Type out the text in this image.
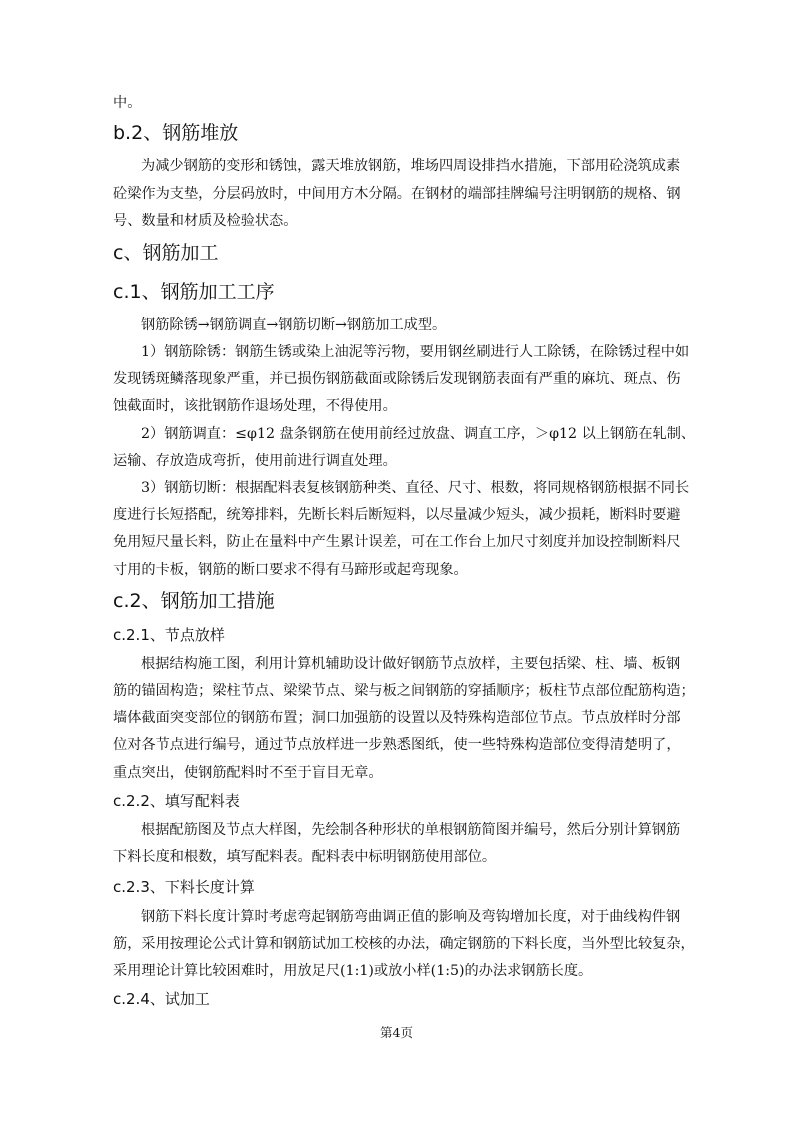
中。

b.2、钢筋堆放

为减少钢筋的变形和锈蚀，露天堆放钢筋，堆场四周设排挡水措施，下部用砼浇筑成素

砼梁作为支垫，分层码放时，中间用方木分隔。在钢材的端部挂牌编号注明钢筋的规格、钢

号、数量和材质及检验状态。

c、钢筋加工
c.1、钢筋加工工序

钢筋除锈→钢筋调直→钢筋切断→钢筋加工成型。

1）钢筋除锈：钢筋生锈或染上油泥等污物，要用钢丝刷进行人工除锈，在除锈过程中如

发现锈斑鳞落现象严重，并已损伤钢筋截面或除锈后发现钢筋表面有严重的麻坑、斑点、伤

蚀截面时，该批钢筋作退场处理，不得使用。

2）钢筋调直：≤φ12 盘条钢筋在使用前经过放盘、调直工序，＞φ12 以上钢筋在轧制、

运输、存放造成弯折，使用前进行调直处理。

3）钢筋切断：根据配料表复核钢筋种类、直径、尺寸、根数，将同规格钢筋根据不同长

度进行长短搭配，统筹排料，先断长料后断短料，以尽量减少短头，减少损耗，断料时要避

免用短尺量长料，防止在量料中产生累计误差，可在工作台上加尺寸刻度并加设控制断料尺

寸用的卡板，钢筋的断口要求不得有马蹄形或起弯现象。

c.2、钢筋加工措施
c.2.1、节点放样

根据结构施工图，利用计算机辅助设计做好钢筋节点放样，主要包括梁、柱、墙、板钢

筋的锚固构造；梁柱节点、梁梁节点、梁与板之间钢筋的穿插顺序；板柱节点部位配筋构造；

墙体截面突变部位的钢筋布置；洞口加强筋的设置以及特殊构造部位节点。节点放样时分部

位对各节点进行编号，通过节点放样进一步熟悉图纸，使一些特殊构造部位变得清楚明了，

重点突出，使钢筋配料时不至于盲目无章。

c.2.2、填写配料表

根据配筋图及节点大样图，先绘制各种形状的单根钢筋简图并编号，然后分别计算钢筋

下料长度和根数，填写配料表。配料表中标明钢筋使用部位。

c.2.3、下料长度计算

钢筋下料长度计算时考虑弯起钢筋弯曲调正值的影响及弯钩增加长度，对于曲线构件钢

筋，采用按理论公式计算和钢筋试加工校核的办法，确定钢筋的下料长度，当外型比较复杂，

采用理论计算比较困难时，用放足尺(1:1)或放小样(1:5)的办法求钢筋长度。

c.2.4、试加工
第4页
